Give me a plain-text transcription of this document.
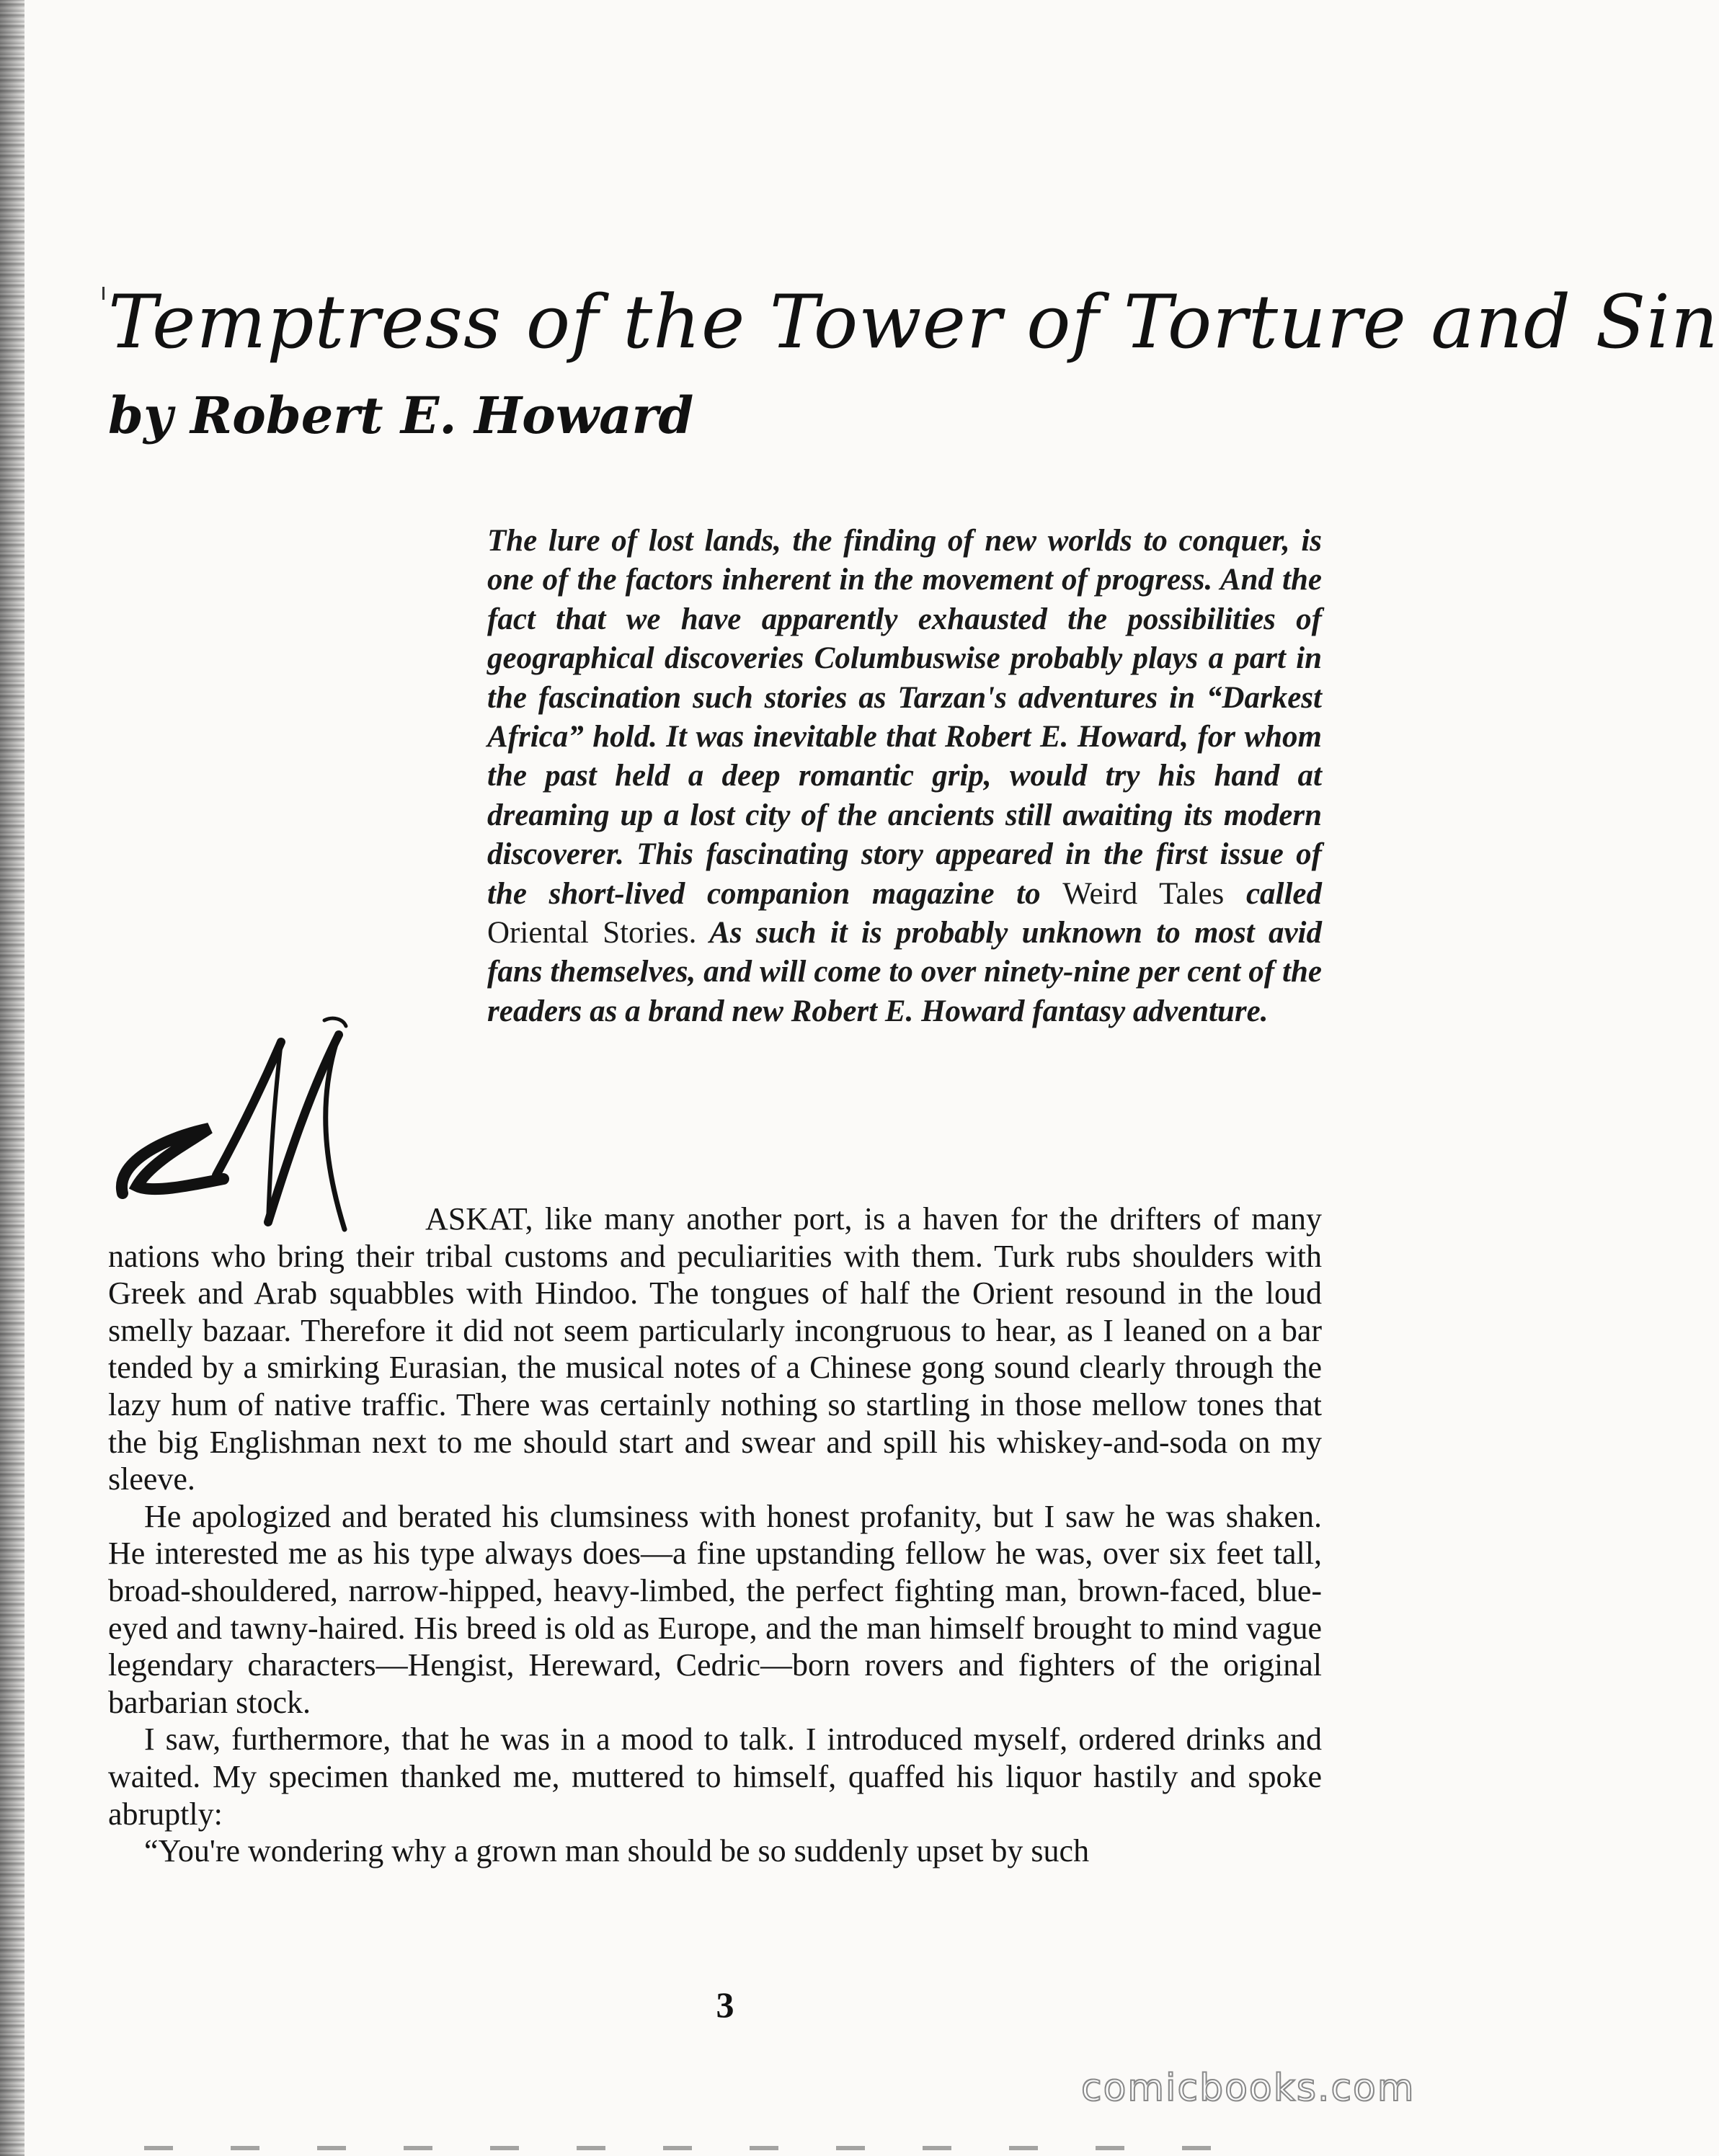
Temptress of the Tower of Torture and Sin
by Robert E. Howard
The lure of lost lands, the finding of new worlds to conquer, is one of the factors inherent in the movement of progress. And the fact that we have apparently exhausted the possibilities of geographical discoveries Columbuswise probably plays a part in the fascination such stories as Tarzan's adventures in “Darkest Africa” hold. It was inevitable that Robert E. Howard, for whom the past held a deep romantic grip, would try his hand at dreaming up a lost city of the ancients still awaiting its modern discoverer. This fascinating story appeared in the first issue of the short-lived companion magazine to Weird Tales called Oriental Stories. As such it is probably unknown to most avid fans themselves, and will come to over ninety-nine per cent of the readers as a brand new Robert E. Howard fantasy adventure.

ASKAT, like many another port, is a haven for the drifters of many nations who bring their tribal customs and peculiarities with them. Turk rubs shoulders with Greek and Arab squabbles with Hindoo. The tongues of half the Orient resound in the loud smelly bazaar. Therefore it did not seem particularly incongruous to hear, as I leaned on a bar tended by a smirking Eurasian, the musical notes of a Chinese gong sound clearly through the lazy hum of native traffic. There was certainly nothing so startling in those mellow tones that the big Englishman next to me should start and swear and spill his whiskey-and-soda on my sleeve.

He apologized and berated his clumsiness with honest profanity, but I saw he was shaken. He interested me as his type always does—a fine upstanding fellow he was, over six feet tall, broad-shouldered, narrow-hipped, heavy-limbed, the perfect fighting man, brown-faced, blue-eyed and tawny-haired. His breed is old as Europe, and the man himself brought to mind vague legendary characters—Hengist, Hereward, Cedric—born rovers and fighters of the original barbarian stock.

I saw, furthermore, that he was in a mood to talk. I introduced myself, ordered drinks and waited. My specimen thanked me, muttered to himself, quaffed his liquor hastily and spoke abruptly:

“You're wondering why a grown man should be so suddenly upset by such

3
comicbooks.com
